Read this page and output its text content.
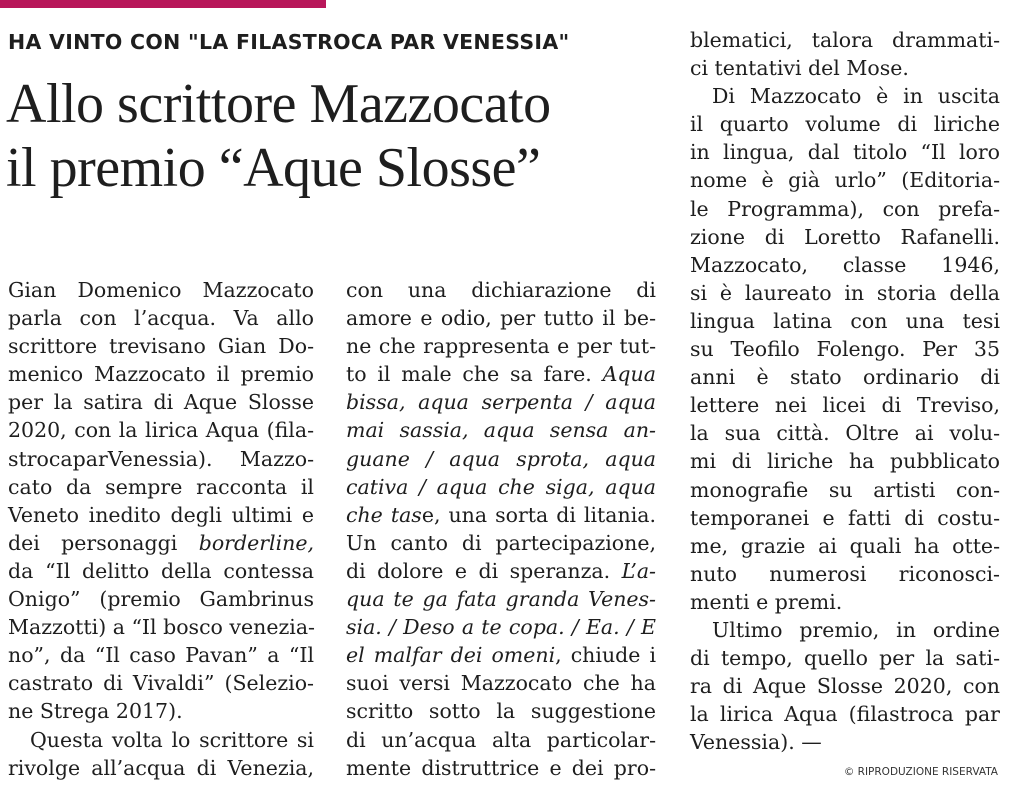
HA VINTO CON "LA FILASTROCA PAR VENESSIA"
Allo scrittore Mazzocato
il premio “Aque Slosse”
Gian Domenico Mazzocato
parla con l’acqua. Va allo
scrittore trevisano Gian Do-
menico Mazzocato il premio
per la satira di Aque Slosse
2020, con la lirica Aqua (fila-
strocaparVenessia). Mazzo-
cato da sempre racconta il
Veneto inedito degli ultimi e
dei personaggi borderline,
da “Il delitto della contessa
Onigo” (premio Gambrinus
Mazzotti) a “Il bosco venezia-
no”, da “Il caso Pavan” a “Il
castrato di Vivaldi” (Selezio-
ne Strega 2017).
Questa volta lo scrittore si
rivolge all’acqua di Venezia,
con una dichiarazione di
amore e odio, per tutto il be-
ne che rappresenta e per tut-
to il male che sa fare. Aqua
bissa, aqua serpenta / aqua
mai sassia, aqua sensa an-
guane / aqua sprota, aqua
cativa / aqua che siga, aqua
che tase, una sorta di litania.
Un canto di partecipazione,
di dolore e di speranza. L’a-
qua te ga fata granda Venes-
sia. / Deso a te copa. / Ea. / E
el malfar dei omeni, chiude i
suoi versi Mazzocato che ha
scritto sotto la suggestione
di un’acqua alta particolar-
mente distruttrice e dei pro-
blematici, talora drammati-
ci tentativi del Mose.
Di Mazzocato è in uscita
il quarto volume di liriche
in lingua, dal titolo “Il loro
nome è già urlo” (Editoria-
le Programma), con prefa-
zione di Loretto Rafanelli.
Mazzocato, classe 1946,
si è laureato in storia della
lingua latina con una tesi
su Teofilo Folengo. Per 35
anni è stato ordinario di
lettere nei licei di Treviso,
la sua città. Oltre ai volu-
mi di liriche ha pubblicato
monografie su artisti con-
temporanei e fatti di costu-
me, grazie ai quali ha otte-
nuto numerosi riconosci-
menti e premi.
Ultimo premio, in ordine
di tempo, quello per la sati-
ra di Aque Slosse 2020, con
la lirica Aqua (filastroca par
Venessia). —
© RIPRODUZIONE RISERVATA
